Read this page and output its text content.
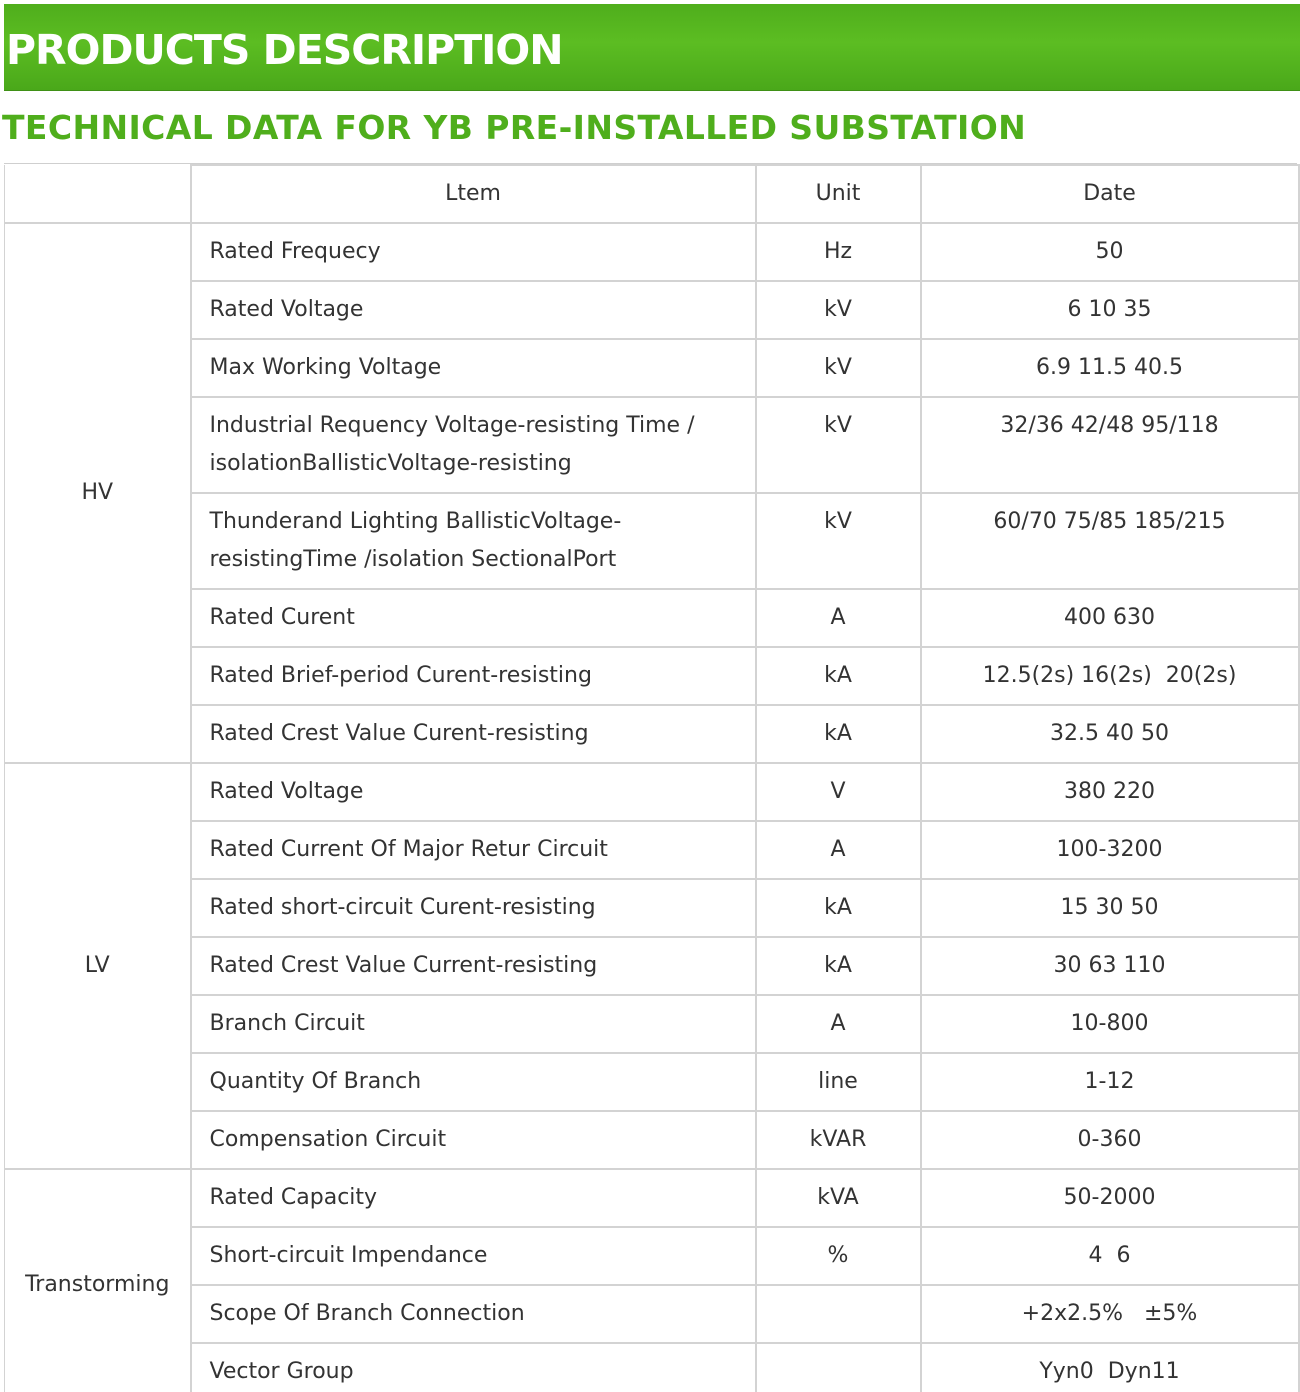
PRODUCTS DESCRIPTION
TECHNICAL DATA FOR YB PRE-INSTALLED SUBSTATION
	Ltem	Unit	Date
HV	Rated Frequecy	Hz	50
	Rated Voltage	kV	6 10 35
	Max Working Voltage	kV	6.9 11.5 40.5
	Industrial Requency Voltage-resisting Time / isolationBallisticVoltage-resisting	kV	32/36 42/48 95/118
	Thunderand Lighting BallisticVoltage-resistingTime /isolation SectionalPort	kV	60/70 75/85 185/215
	Rated Curent	A	400 630
	Rated Brief-period Curent-resisting	kA	12.5(2s) 16(2s)  20(2s)
	Rated Crest Value Curent-resisting	kA	32.5 40 50
LV	Rated Voltage	V	380 220
	Rated Current Of Major Retur Circuit	A	100-3200
	Rated short-circuit Curent-resisting	kA	15 30 50
	Rated Crest Value Current-resisting	kA	30 63 110
	Branch Circuit	A	10-800
	Quantity Of Branch	line	1-12
	Compensation Circuit	kVAR	0-360
Transtorming	Rated Capacity	kVA	50-2000
	Short-circuit Impendance	%	4  6
	Scope Of Branch Connection		+2x2.5%   ±5%
	Vector Group		Yyn0  Dyn11
